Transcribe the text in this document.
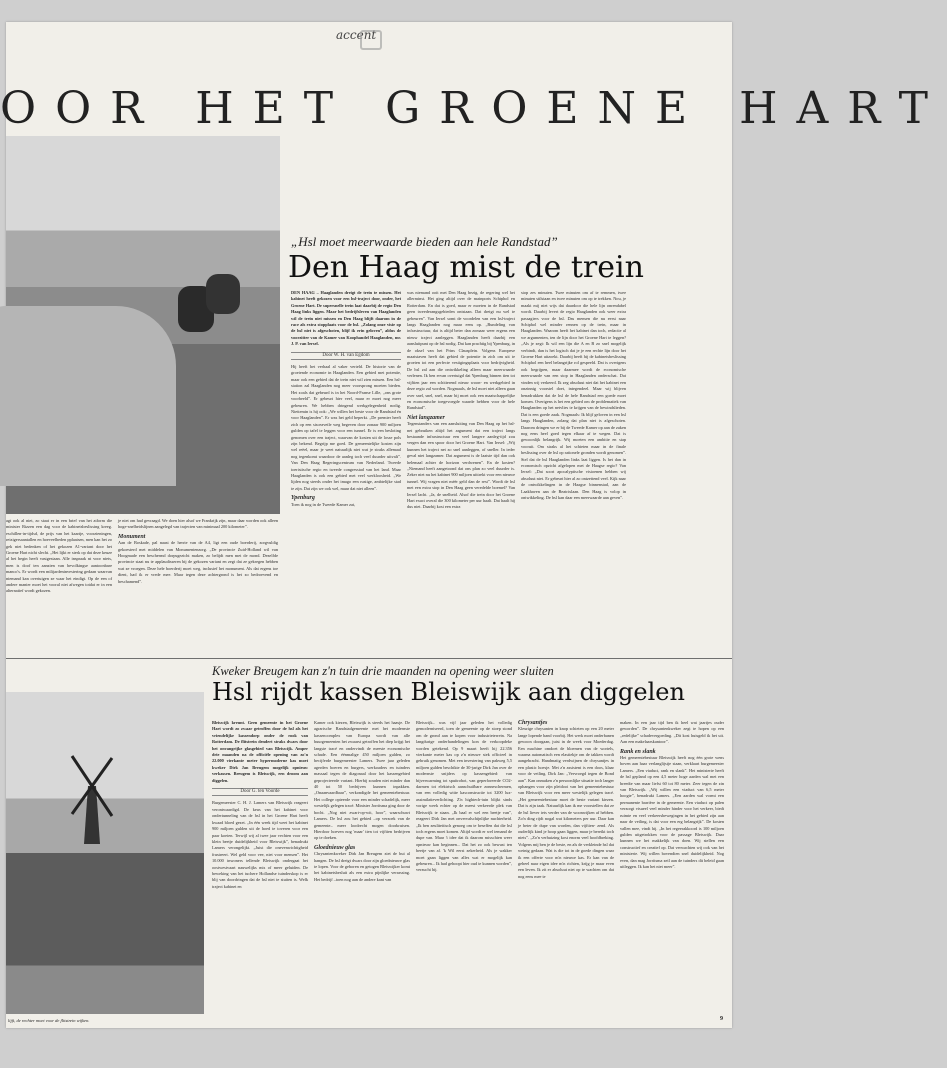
accent
OOR HET GROENE HART
„Hsl moet meerwaarde bieden aan hele Randstad”
Den Haag mist de trein
DEN HAAG – Haaglanden dreigt de trein te missen. Het kabinet heeft gekozen voor een hsl-traject door, onder, het Groene Hart. De supersnelle trein laat daarbij de regio Den Haag links liggen. Maar het bedrijfsleven van Haaglanden wil de trein niet missen en Den Haag blijft daarom in de race als extra stopplaats voor de hsl. „Zolang onze visie op de hsl niet is afgeschoten, blijf ik erin geloven”, aldus de voorzitter van de Kamer van Koophandel Haaglanden, mr. J. P. van Iersel.
Door W. H. van Egdom
Hij heeft het verhaal al vaker verteld. De historie van de groeiende economie in Haaglanden. Een gebied met potentie, maar ook een gebied dat de trein niet wil zien missen. Een hsl-station zal Haaglanden nog meer voorsprong moeten bieden. Het zoals dat gebeurd is in het Noord-Franse Lille, „ons grote voorbeeld”. Er gebeurt hier veel, maar er moet nog meer gebeuren. We hebben dringend werkgelegenheid nodig. Niettemin is hij ook: „We willen het beste voor de Randstad én voor Haaglanden”. Er was het geld beperkt. „De premier heeft zich op een sisceaveile weg begeven door zonaar 900 miljoen gulden op tafel te leggen voor een tunnel. Er is een besloting genomen over een traject, waarvan de kosten uit de losse pols zijn bekend. Begrijp me goed. De gemeentelijke kosten zijn wel reëel, maar je weet natuurlijk niet wat je straks allemaal nog tegenkomt waardoor de aanleg toch veel duurder uitvalt”. Van Den Haag Regeringscentrum van Nederland. Tweede toeristische regio en tweede congresstad van het land. Maar Haaglanden is ook een gebied met veel werkloosheid. „We lijden nog steeds onder het imago een rustige, ambtelijke stad te zijn. Dat zijn we ook wel, maar dat niet alleen”.
Ypenburg
Toen ik nog in de Tweede Kamer zat,
was niemand ooit met Den Haag bezig, de regering wel het allerminst. Het ging altijd over de mainports Schiphol en Rotterdam. En dat is goed, maar er moeten in de Randstad geen tweederangsgebieden ontstaan. Dat dreigt nu wel te gebeuren”. Van Iersel somt de voordelen van een hsl-traject langs Haaglanden nog maar eens op. „Bundeling van infrastructuur, dat is altijd beter dan zomaar weer ergens een nieuw traject aanleggen. Haaglanden heeft daarbij een aansluitpunt op de hsl nodig. Dat kan prachtig bij Ypenburg, in de oksel van het Prins Clausplein. Volgens Europese maatstaven heeft dat gebied de potentie in zich om uit te groeien tot een perfecte vestigingsplaats voor bedrijvigheid. De hsl zal aan die ontwikkeling alleen maar meerwaarde verlenen. Ik ben ervan overtuigd dat Ypenburg binnen tien tot vijftien jaar een schitterend nieuw woon- en werkgebied in deze regio zal worden. Nogmaals, de hsl moet niet alleen gaan over snel, snel, snel, maar bij moet ook een maatschappelijke en economische toegevoegde waarde hebben voor de hele Randstad”.
Niet langzamer
Tegenstanders van een aansluiting van Den Haag op het hsl-net gebruiken altijd het argument dat een traject langs bestaande infrastructuur een veel langere aanleg-tijd zou vergen dan een spoor door het Groene Hart. Van Iersel: „Wij kunnen het traject net zo snel aanleggen, of sneller. In ieder geval niet langzamer. Dat argument is de laatste tijd dan ook helemaal achter de horizon verdwenen”. En de kosten? „Niemand heeft aangetoond dat ons plan zo veel duurder is. Zeker niet nu het kabinet 900 miljoen uittrekt voor een nieuwe tunnel. Wij vragen niet méér geld dan de rest”. Wordt de hsl met een extra stop in Den Haag geen veredelde boemel? Van Iersel lacht. „Ja, de snelheid. Alsof die trein door het Groene Hart exact overal die 300 kilometer per uur haalt. Dat haalt hij dus niet. Daarbij kost een extra
stop zes minuten. Twee minuten om af te remmen, twee minuten stilstaan en twee minuten om op te trekken. Nou, je maakt mij niet wijs dat daardoor die hele lijn onrendabel wordt. Daarbij levert de regio Haaglanden ook weer extra passagiers voor de hsl. Das mensen die nu eerst naar Schiphol wel minder rennen op de trein, maar in Haaglanden. Waarom heeft het kabinet dan toch, redactie al we argumenten, ten de lijn door het Groene Hart te leggen? „Als je zegt: Ik wil een lijn die A en B zo snel mogelijk verbindt, dan is het logisch dat je je een rechte lijn door het Groene Hart uitzoekt. Daarbij heeft hij de kabinetsbeslissing Schiphol een heel belangrijke rol gespeeld. Dat is overigens ook begrijpen, maar daarmee wordt de economische meerwaarde van een stop in Haaglanden onderschat. Dat vinden wij verkeerd. Ik zeg absoluut niet dat het kabinet een onzinnig voorstel doet, integendeel. Maar wij blijven benadrukken dat de hsl de hele Randstad een goede moet komen. Overigens is het een gebied om de problematiek van Haaglanden op het netvlies te krijgen van de bewindslieden. Dat is een goede zaak. Nogmaals: Ik blijf geloven in een hsl langs Haaglanden, zolang dat plan niet is afgeschoten. Daarom dringen we er bij de Tweede Kamer op aan de zaken nog eens heel goed tegen elkaar af te wegen. Dat is gewoonlijk belangrijk. Wij moeten een ambitie en stap vooruit. Om straks al het schieten maar in de finale beslissing over de hsl op rationele gronden wordt genomen”. Stel dat de hsl Haaglanden links laat liggen. Is het dan in economisch opzicht afgelopen met de Haagse regio? Van Iersel: „Dat soort apocalyptische visioenen hebben wij absoluut niet. Er gebeurt hier al zo ontzettend veel. Kijk naar de ontwikkelingen in de Haagse binnenstad, aan de Laakhaven aan de Beatrixlaan. Den Haag is volop in ontwikkeling. De hsl kan daar een meerwaarde aan geven”.
agt ook al niet, zo staat er in een brief van het atform die minister Rizzen een dag voor de kabinetsbeslissing kreeg. eschillen-in-tijdsd, de prijs van het kaartje, voorzieningen, reizigersaantallen en hoeveelheden pplaatsen, men kan het zo gek niet bedenken of het gekozen A1-variant door het Groene Hart nicht slecht. „Het lijkt er sterk op dat deze keuze al het begin heeft vastgestaan. Alle inspraak nt voor niets, men is doof ten aanzien van bevolkingse aantoonbare manco's. Er wordt een milijardeninvestering gedaan waarvan niemand kan overtuigen ze waar het eindigt. Op de een of andere manier moet het vooral niet afwegen totdat er in een alternatief wordt gekozen.
je niet om had gevraagd. We doen hier alsof we Frankrijk zijn, maar daar worden ook alleen hoge-snelheidslijnen aangelegd van trajecten van minimaal 200 kilometer”.
Monument
Aan de Boskade, pal naast de herrie van de A4, ligt een oude boerderij, zorgvuldig gekoesterd met middelen van Monumentenzorg. „De provincie Zuid-Holland wil van Hoogmade een beschermd dorpsgezicht maken, zo belijdt men met de mond. Dezelfde provincie staat nu te applaudisseren bij de gekozen variant en zegt dat ze gekregen hebben wat ze vroegen. Deze hele boerderij moet weg, inclusief het monument. Als dat ergens toe dient, had ik er vrede mee. Maar tegen deze achtergrond is het zo bedroevend en beschamend”.
Kweker Breugem kan z'n tuin drie maanden na opening weer sluiten
Hsl rijdt kassen Bleiswijk aan diggelen
lijft, de rechter moet voor de flitstrein wijken.
Bleiswijk kreunt. Geen gemeente in het Groene Hart wordt zo zwaar getroffen door de hsl als het vriendelijke kassendorp onder de rook van Rotterdam. De flitstrein dendert straks dwars door het onvangrijke glasgebied van Bleiswijk. Amper drie maanden na de officiële opening van zo'n 22.000 vierkante meter hypermoderne kas moet kweker Dirk Jan Breugem mogelijk opnieuw verkassen. Breugem is Bleiswijk, een droom aan diggelen.
Door G. ten Voorde
Burgemeester C. H. J. Lamers van Bleiswijk reageert verontwaardigd. De keus van het kabinet voor ondertunneling van de hsl in het Groene Hart heeft kwaad bloed gezet. „In één week tijd weet het kabinet 900 miljoen gulden uit de hoed te toveren voor een paar koeien. Terwijl wij al twee jaar vechten voor een klein beetje duidelijkheid voor Bleiswijk”, benadrukt Lamers verongelijkt. „Juist die onevenwichtigheid frustreert. Wel geld voor vee, niet voor mensen”. Het 10.000 inwoners tellende Bleiswijk ondergaat het oostwestvaart nauwelijks mis of meer geluiden. De beweking van het tuchere Hollandse tuinderskop is er blij van doordringen dat de hsl niet te stuiten is. Welk traject kabinet en
Kamer ook kiezen, Bleiswijk is steeds het haasje. De agrarische Randstadgemeente met het modernste kassencomplex van Europa wordt van alle buurgemeenten het zwaarst getroffen het diep krijgt het langste tracé en ondervindt de meeste economische schade. Een éénmalige 450 miljoen gulden, zo becijferde burgemeester Lamers. Twee jaar geleden agerden boeren en burgers, werkoaders en tuinders massaal tegen de diagonaal door het kassengebied geprojecteerde variant. Hierbij zouden niet minder dan 40 tot 50 bedrijven kunnen inpakken. „Onaanvaardbaar”, verkondigde het gemeentebestuur. Het college opteerde voor een minder schadelijk, meer westelijk gelegen tracé. Minister Jorritsma ging door de bocht. „Nog niet zwart-op-wit, hoor”, waarschuwt Lamers. De hsl zou het gebied –op verzoek van de gemeente– meer loodrecht mogen doorkruisen. Hierdoor hoeven nog 'maar' tien tot vijftien bedrijven op te doeken.
Gloednieuw glas
Chrysantenkweker Dirk Jan Breugem ziet de bui al hangen. De hsl dreigt dwars door zijn gloednieuwe glas te lopen. Voor de geboren en getogen Bleiswijker komt het kabinetsbesluit als een extra pijnlijke verrassing. Het bedrijf –toen nog aan de andere kant van
Bleiswijk– was vijf jaar geleden het volledig gemoderniseerd, toen de gemeente op de stoep stond om de grond aan te kopen voor industrieterrein. Na langdurige onderhandelingen kon de verkoopdeke worden getekend. Op 9 maart heeft hij 22.356 vierkante meter kas op z'n nieuwe stek officieel in gebruik genomen. Met een investering van pakweg 5,5 miljoen gulden beschikte de 30-jarige Dirk Jan over de modernste snijders op kassengebied: van bijverwarming tot spuitrobot, van geperforeerde CO2-darmen tot elektrisch aanschuifbare zonneschermen, van een volledig witte kasconstructie tot 3200 lux-assimilatieverlichting. Z'n hightech-tuin blijkt sinds vorige week echter op de meest verkeerde plek van Bleiswijk te staan. „Ik baal er wel een beetje van”, reageert Dirk Jan met onvervalschijnlijke nuchterheid. „Ik ben zeuliteitisch genoeg om te beseffen dat die hsl toch ergens moet komen. Altijd wordt er wel iemand de dupe van. Maar 't idee dat ik daarom misschien weer opnieuw kan beginnen... Dat het zo ook bewust ten beetje van af. 'k Wil eerst zekerheid. Als je wakker moet gaan liggen van alles wat er mogelijk kan gebeuren... Ik had gehoopt hier oud te kunnen worden”, verzucht hij.
Chrysantjes
Kleurige chrysanten in knop schieten op een 20 meter lange lopende band voorbij. Het werk moet onderbanen gewoon doorgaan, juist in de week voor Moederdag. Een machine omdoet de bloemen van de wortels, waarna automatisch een elastiekje om de takken wordt aangebracht. Handmatig verdwijnen de chrysantjes in een plastic hoesje. Met z'n assistent is een doos, klaar voor de veiling. Dirk Jan: „Vervroegd tegen de Bond aan”. Kan onmaken z'n persoonlijke situatie toch langer ophangen voor zijn pleidooi van het gemeentebestuur van Bleiswijk voor een meer westelijk gelegen tracé. „Het gemeentebestuur moet de beste variant kiezen. Dat is zijn taak. Natuurlijk kan ik me voorstellen dat ze de hsl liever iets verder van de woonwijken af hebben. Zo'n ding rijdt nogal wat kilometers per uur. Daar kan je beter de dupe van worden, dan vijftien- zend. Als ouderlijk kind je hoop gaan liggen, maar je bereikt toch niets”. „Zo'n verhuizing kost enorm veel hoofdbreking. Volgens mij ben je de beste, en als de verkleinde hsl dat weinig gedaan. Wat is die tot in de goede dingen waar ik een offerte voor m'n nieuwe kas. Er kan van de geheel naar eigen idee m'n richten, krijg je maar even een leven. Ik zit er absoluut niet op te wachten om dat nog eens mee te
maken. In een jaar tijd ben ik heel wat jaartjes ouder geworden”. De chrysantenkweker zegt te hopen op een „redelijke” schadevergoeding. „Dit kost huisgeld ik het uit. Aan een makelaarskantoor”.
Rank en slank
Het gemeentebestuur Bleiswijk heeft nog één grote wens boven aan haar verlanglijstje staan, verklaart burgemeester Lamers. „Een viaduct, rank en slank”. Het ministerie heeft de hsl gepland op een 4,5 meter hoge aarden wal met een breedte van maar liefst 60 tot 80 meter. Zeer tegen de zin van Bleiswijk. „Wij willen een viaduct van 6,5 meter hoogte”, benadrukt Lamers. „Een aarden wal vormt een permanente barrière in de gemeente. Een viaduct op palen verzorgt visueel veel minder hinder voor het verkeer, biedt ruimte en veel verkeersbewegingen in het gebied zijn aan naar de veiling, is dat voor een erg belangrijk”. De kosten vallen mee, vindt hij. „In het regeerakkoord is 100 miljoen gulden uitgetrokken voor de passage Bleiswijk. Daar kunnen we het makkelijk van doen. Wij stellen een constructief en creatief op. Dat verwachten wij ook van het ministerie. Wij willen bovendien snel duidelijkheid. Nog even, dan mag Jorritsma zeil aan de tuinders dit beleid gaan uitleggen. Ik kan het niet meer”.
9
